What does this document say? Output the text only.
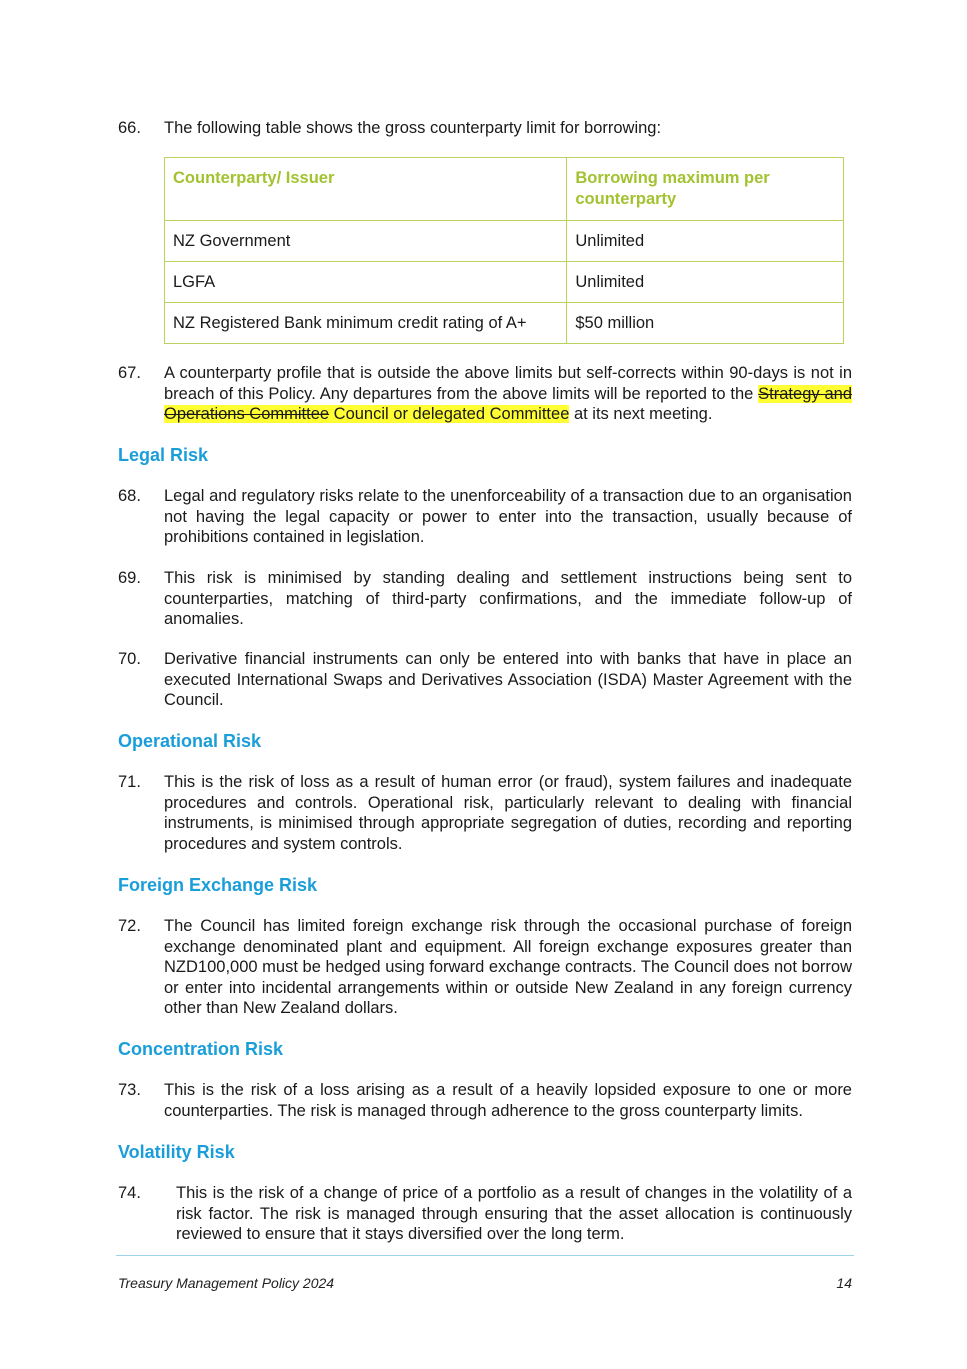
66. The following table shows the gross counterparty limit for borrowing:
Counterparty/ Issuer	Borrowing maximum per counterparty
NZ Government	Unlimited
LGFA	Unlimited
NZ Registered Bank minimum credit rating of A+	$50 million
67. A counterparty profile that is outside the above limits but self-corrects within 90-days is not in breach of this Policy. Any departures from the above limits will be reported to the Strategy and Operations Committee Council or delegated Committee at its next meeting.
Legal Risk
68. Legal and regulatory risks relate to the unenforceability of a transaction due to an organisation not having the legal capacity or power to enter into the transaction, usually because of prohibitions contained in legislation.
69. This risk is minimised by standing dealing and settlement instructions being sent to counterparties, matching of third-party confirmations, and the immediate follow-up of anomalies.
70. Derivative financial instruments can only be entered into with banks that have in place an executed International Swaps and Derivatives Association (ISDA) Master Agreement with the Council.
Operational Risk
71. This is the risk of loss as a result of human error (or fraud), system failures and inadequate procedures and controls. Operational risk, particularly relevant to dealing with financial instruments, is minimised through appropriate segregation of duties, recording and reporting procedures and system controls.
Foreign Exchange Risk
72. The Council has limited foreign exchange risk through the occasional purchase of foreign exchange denominated plant and equipment. All foreign exchange exposures greater than NZD100,000 must be hedged using forward exchange contracts. The Council does not borrow or enter into incidental arrangements within or outside New Zealand in any foreign currency other than New Zealand dollars.
Concentration Risk
73. This is the risk of a loss arising as a result of a heavily lopsided exposure to one or more counterparties. The risk is managed through adherence to the gross counterparty limits.
Volatility Risk
74. This is the risk of a change of price of a portfolio as a result of changes in the volatility of a risk factor. The risk is managed through ensuring that the asset allocation is continuously reviewed to ensure that it stays diversified over the long term.
Treasury Management Policy 2024	14
